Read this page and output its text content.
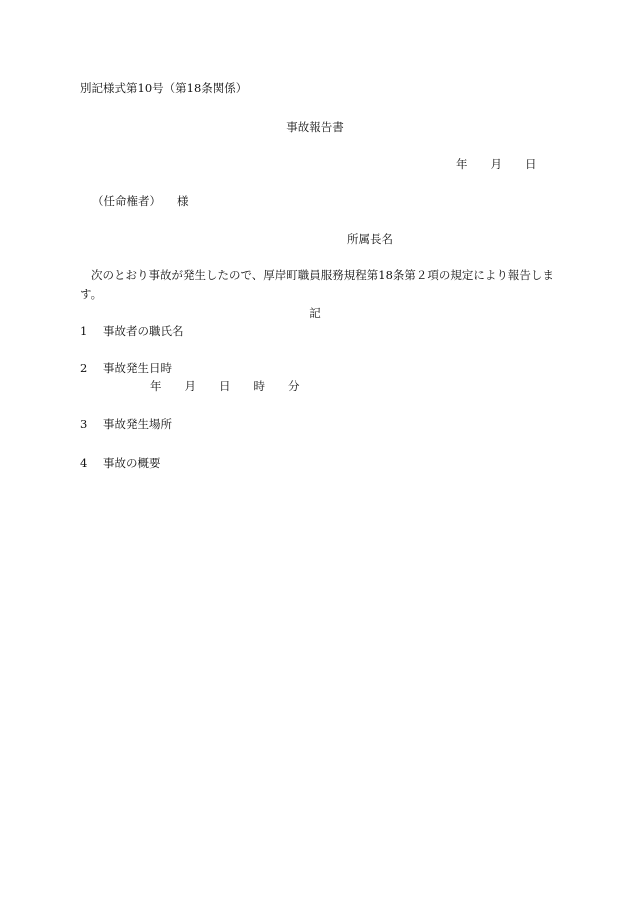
別記様式第10号（第18条関係）
事故報告書
年 月 日
（任命権者） 様
所属長名
次のとおり事故が発生したので、厚岸町職員服務規程第18条第２項の規定により報告します。
記
1 事故者の職氏名
2 事故発生日時
年 月 日 時 分
3 事故発生場所
4 事故の概要
